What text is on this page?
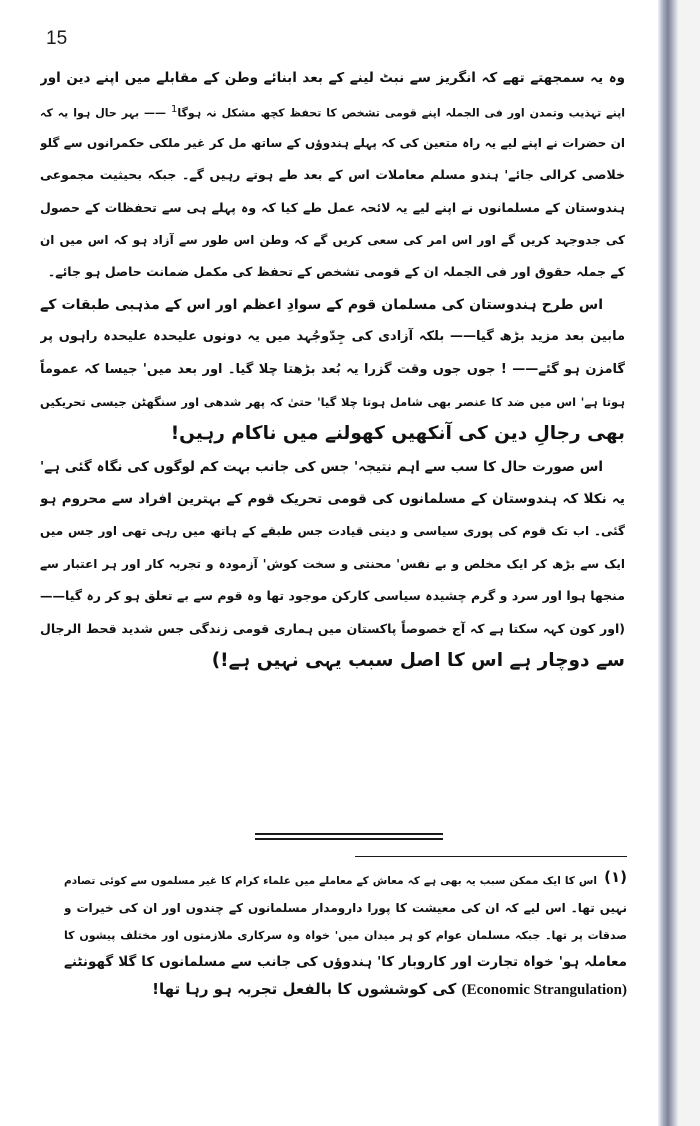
15
وہ یہ سمجھتے تھے کہ انگریز سے نبٹ لینے کے بعد ابنائے وطن کے مقابلے میں اپنے دین اور
اپنے تہذیب وتمدن اور فی الجملہ اپنے قومی تشخص کا تحفظ کچھ مشکل نہ ہوگا$^1$ —— بہر حال ہوا یہ کہ
ان حضرات نے اپنے لیے یہ راہ متعین کی کہ پہلے ہندوؤں کے ساتھ مل کر غیر ملکی حکمرانوں سے گلو
خلاصی کرالی جائے' ہندو مسلم معاملات اس کے بعد طے ہوتے رہیں گے۔ جبکہ بحیثیت مجموعی
ہندوستان کے مسلمانوں نے اپنے لیے یہ لائحہ عمل طے کیا کہ وہ پہلے ہی سے تحفظات کے حصول
کی جدوجہد کریں گے اور اس امر کی سعی کریں گے کہ وطن اس طور سے آزاد ہو کہ اس میں ان
کے جملہ حقوق اور فی الجملہ ان کے قومی تشخص کے تحفظ کی مکمل ضمانت حاصل ہو جائے۔
اس طرح ہندوستان کی مسلمان قوم کے سوادِ اعظم اور اس کے مذہبی طبقات کے
مابین بعد مزید بڑھ گیا—— بلکہ آزادی کی جِدّوجُہد میں یہ دونوں علیحدہ علیحدہ راہوں پر
گامزن ہو گئے—— ! جوں جوں وقت گزرا یہ بُعد بڑھتا چلا گیا۔ اور بعد میں' جیسا کہ عموماً
ہوتا ہے' اس میں ضد کا عنصر بھی شامل ہوتا چلا گیا' حتیٰ کہ پھر شدھی اور سنگھٹن جیسی تحریکیں
بھی رجالِ دین کی آنکھیں کھولنے میں ناکام رہیں!
اس صورت حال کا سب سے اہم نتیجہ' جس کی جانب بہت کم لوگوں کی نگاہ گئی ہے'
یہ نکلا کہ ہندوستان کے مسلمانوں کی قومی تحریک قوم کے بہترین افراد سے محروم ہو
گئی۔ اب تک قوم کی پوری سیاسی و دینی قیادت جس طبقے کے ہاتھ میں رہی تھی اور جس میں
ایک سے بڑھ کر ایک مخلص و بے نفس' محنتی و سخت کوش' آزمودہ و تجربہ کار اور ہر اعتبار سے
منجھا ہوا اور سرد و گرم چشیدہ سیاسی کارکن موجود تھا وہ قوم سے بے تعلق ہو کر رہ گیا——
(اور کون کہہ سکتا ہے کہ آج خصوصاً پاکستان میں ہماری قومی زندگی جس شدید قحط الرجال
سے دوچار ہے اس کا اصل سبب یہی نہیں ہے!)
(۱)
اس کا ایک ممکن سبب یہ بھی ہے کہ معاش کے معاملے میں علماء کرام کا غیر مسلموں سے کوئی تصادم
نہیں تھا۔ اس لیے کہ ان کی معیشت کا پورا دارومدار مسلمانوں کے چندوں اور ان کی خیرات و
صدقات پر تھا۔ جبکہ مسلمان عوام کو ہر میدان میں' خواہ وہ سرکاری ملازمتوں اور مختلف پیشوں کا
معاملہ ہو' خواہ تجارت اور کاروبار کا' ہندوؤں کی جانب سے مسلمانوں کا گلا گھونٹنے
(Economic Strangulation) کی کوششوں کا بالفعل تجربہ ہو رہا تھا!
